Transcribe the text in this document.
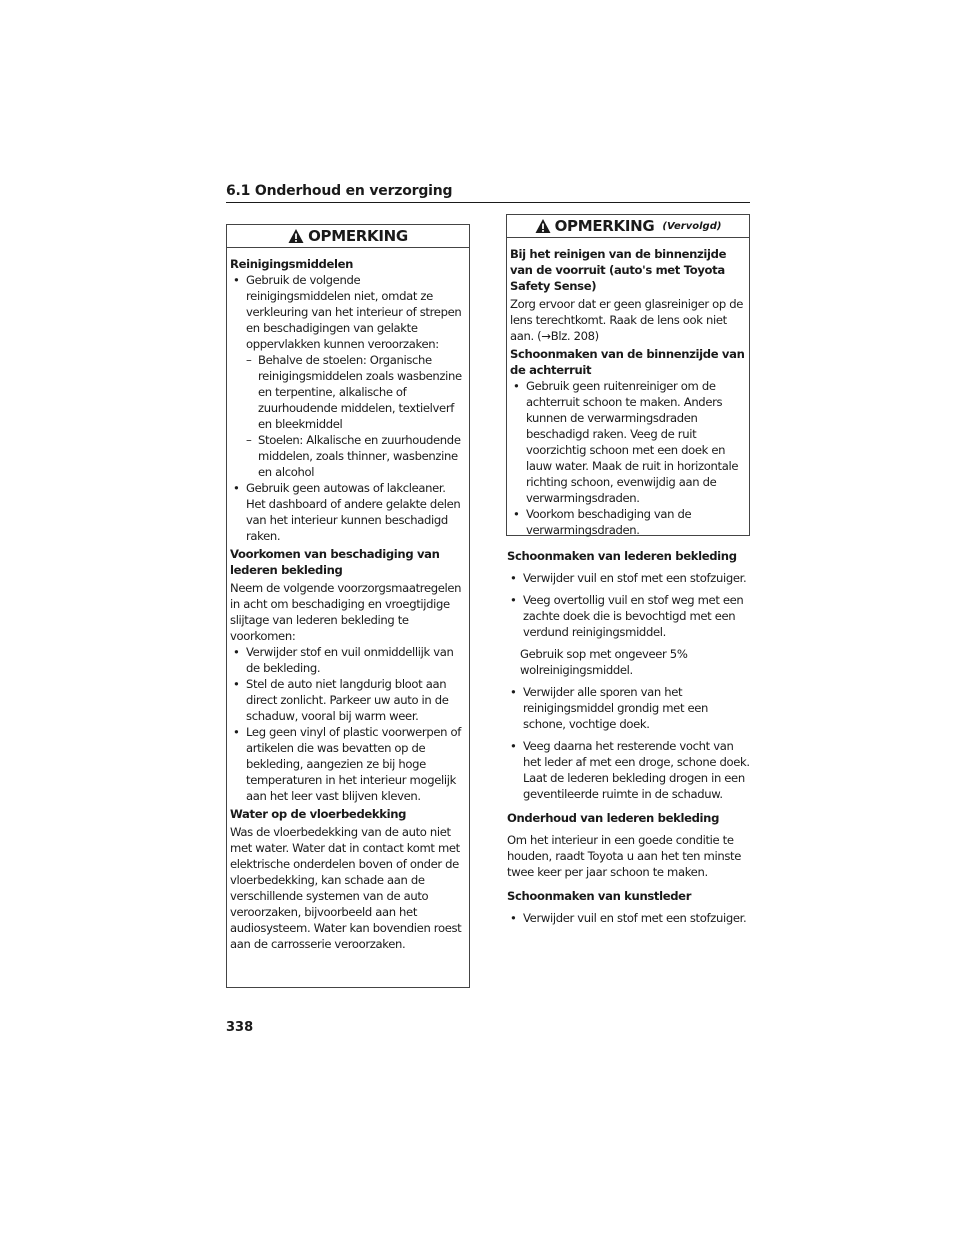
6.1 Onderhoud en verzorging
OPMERKING
Reinigingsmiddelen
• Gebruik de volgende reinigingsmiddelen niet, omdat ze verkleuring van het interieur of strepen en beschadigingen van gelakte oppervlakken kunnen veroorzaken:
– Behalve de stoelen: Organische reinigingsmiddelen zoals wasbenzine en terpentine, alkalische of zuurhoudende middelen, textielverf en bleekmiddel
– Stoelen: Alkalische en zuurhoudende middelen, zoals thinner, wasbenzine en alcohol
• Gebruik geen autowas of lakcleaner. Het dashboard of andere gelakte delen van het interieur kunnen beschadigd raken.
Voorkomen van beschadiging van lederen bekleding
Neem de volgende voorzorgsmaatregelen in acht om beschadiging en vroegtijdige slijtage van lederen bekleding te voorkomen:
• Verwijder stof en vuil onmiddellijk van de bekleding.
• Stel de auto niet langdurig bloot aan direct zonlicht. Parkeer uw auto in de schaduw, vooral bij warm weer.
• Leg geen vinyl of plastic voorwerpen of artikelen die was bevatten op de bekleding, aangezien ze bij hoge temperaturen in het interieur mogelijk aan het leer vast blijven kleven.
Water op de vloerbedekking
Was de vloerbedekking van de auto niet met water. Water dat in contact komt met elektrische onderdelen boven of onder de vloerbedekking, kan schade aan de verschillende systemen van de auto veroorzaken, bijvoorbeeld aan het audiosysteem. Water kan bovendien roest aan de carrosserie veroorzaken.
OPMERKING (Vervolgd)
Bij het reinigen van de binnenzijde van de voorruit (auto's met Toyota Safety Sense)
Zorg ervoor dat er geen glasreiniger op de lens terechtkomt. Raak de lens ook niet aan. (→Blz. 208)
Schoonmaken van de binnenzijde van de achterruit
• Gebruik geen ruitenreiniger om de achterruit schoon te maken. Anders kunnen de verwarmingsdraden beschadigd raken. Veeg de ruit voorzichtig schoon met een doek en lauw water. Maak de ruit in horizontale richting schoon, evenwijdig aan de verwarmingsdraden.
• Voorkom beschadiging van de verwarmingsdraden.
Schoonmaken van lederen bekleding
• Verwijder vuil en stof met een stofzuiger.
• Veeg overtollig vuil en stof weg met een zachte doek die is bevochtigd met een verdund reinigingsmiddel.
Gebruik sop met ongeveer 5% wolreinigingsmiddel.
• Verwijder alle sporen van het reinigingsmiddel grondig met een schone, vochtige doek.
• Veeg daarna het resterende vocht van het leder af met een droge, schone doek. Laat de lederen bekleding drogen in een geventileerde ruimte in de schaduw.
Onderhoud van lederen bekleding
Om het interieur in een goede conditie te houden, raadt Toyota u aan het ten minste twee keer per jaar schoon te maken.
Schoonmaken van kunstleder
• Verwijder vuil en stof met een stofzuiger.
338
